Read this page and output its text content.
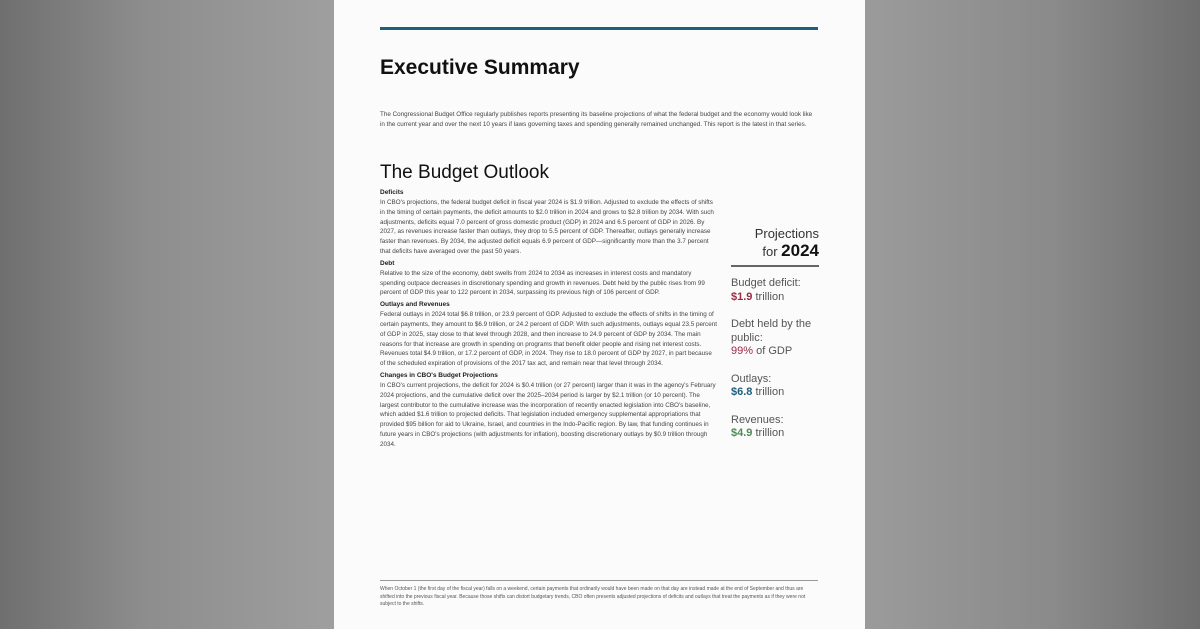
Executive Summary
The Congressional Budget Office regularly publishes reports presenting its baseline projections of what the federal budget and the economy would look like in the current year and over the next 10 years if laws governing taxes and spending generally remained unchanged. This report is the latest in that series.
The Budget Outlook
Deficits
In CBO's projections, the federal budget deficit in fiscal year 2024 is $1.9 trillion. Adjusted to exclude the effects of shifts in the timing of certain payments, the deficit amounts to $2.0 trillion in 2024 and grows to $2.8 trillion by 2034. With such adjustments, deficits equal 7.0 percent of gross domestic product (GDP) in 2024 and 6.5 percent of GDP in 2026. By 2027, as revenues increase faster than outlays, they drop to 5.5 percent of GDP. Thereafter, outlays generally increase faster than revenues. By 2034, the adjusted deficit equals 6.9 percent of GDP—significantly more than the 3.7 percent that deficits have averaged over the past 50 years.
Debt
Relative to the size of the economy, debt swells from 2024 to 2034 as increases in interest costs and mandatory spending outpace decreases in discretionary spending and growth in revenues. Debt held by the public rises from 99 percent of GDP this year to 122 percent in 2034, surpassing its previous high of 106 percent of GDP.
Outlays and Revenues
Federal outlays in 2024 total $6.8 trillion, or 23.9 percent of GDP. Adjusted to exclude the effects of shifts in the timing of certain payments, they amount to $6.9 trillion, or 24.2 percent of GDP. With such adjustments, outlays equal 23.5 percent of GDP in 2025, stay close to that level through 2028, and then increase to 24.9 percent of GDP by 2034. The main reasons for that increase are growth in spending on programs that benefit older people and rising net interest costs. Revenues total $4.9 trillion, or 17.2 percent of GDP, in 2024. They rise to 18.0 percent of GDP by 2027, in part because of the scheduled expiration of provisions of the 2017 tax act, and remain near that level through 2034.
Changes in CBO's Budget Projections
In CBO's current projections, the deficit for 2024 is $0.4 trillion (or 27 percent) larger than it was in the agency's February 2024 projections, and the cumulative deficit over the 2025–2034 period is larger by $2.1 trillion (or 10 percent). The largest contributor to the cumulative increase was the incorporation of recently enacted legislation into CBO's baseline, which added $1.6 trillion to projected deficits. That legislation included emergency supplemental appropriations that provided $95 billion for aid to Ukraine, Israel, and countries in the Indo-Pacific region. By law, that funding continues in future years in CBO's projections (with adjustments for inflation), boosting discretionary outlays by $0.9 trillion through 2034.
Projections
for 2024
Budget deficit:
$1.9 trillion
Debt held by the public:
99% of GDP
Outlays:
$6.8 trillion
Revenues:
$4.9 trillion
When October 1 (the first day of the fiscal year) falls on a weekend, certain payments that ordinarily would have been made on that day are instead made at the end of September and thus are shifted into the previous fiscal year. Because those shifts can distort budgetary trends, CBO often presents adjusted projections of deficits and outlays that treat the payments as if they were not subject to the shifts.
